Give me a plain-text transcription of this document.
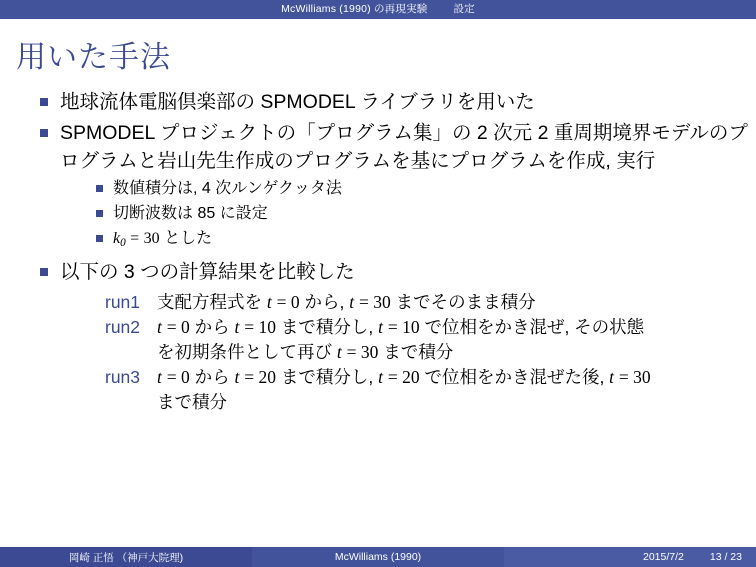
McWilliams (1990) の再現実験 設定
用いた手法
地球流体電脳倶楽部の SPMODEL ライブラリを用いた
SPMODEL プロジェクトの「プログラム集」の 2 次元 2 重周期境界モデルのプログラムと岩山先生作成のプログラムを基にプログラムを作成, 実行
数値積分は, 4 次ルンゲクッタ法
切断波数は 85 に設定
$k_0 = 30$ とした
以下の 3 つの計算結果を比較した
run1 支配方程式を t = 0 から, t = 30 までそのまま積分
run2 t = 0 から t = 10 まで積分し, t = 10 で位相をかき混ぜ, その状態を初期条件として再び t = 30 まで積分
run3 t = 0 から t = 20 まで積分し, t = 20 で位相をかき混ぜた後, t = 30 まで積分
岡崎 正悟 （神戸大院理)	McWilliams (1990)	2015/7/2 13 / 23
